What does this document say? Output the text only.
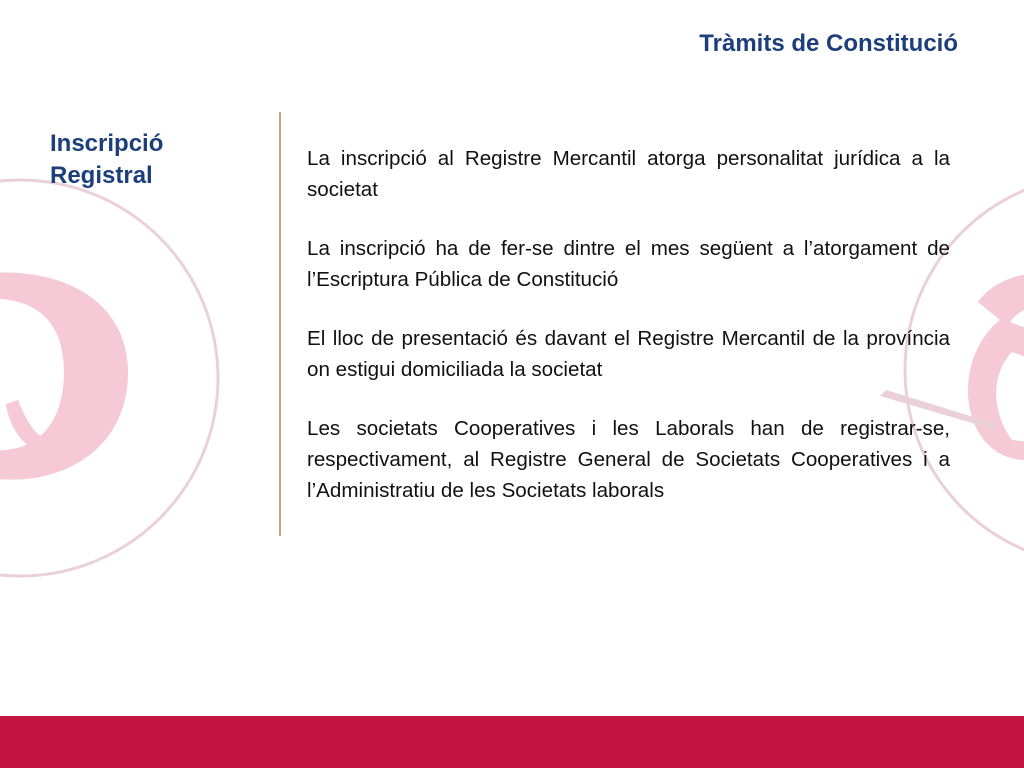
Tràmits de Constitució
Inscripció Registral

La inscripció al Registre Mercantil atorga personalitat jurídica a la societat

La inscripció ha de fer-se dintre el mes següent a l’atorgament de l’Escriptura Pública de Constitució

El lloc de presentació és davant el Registre Mercantil de la província on estigui domiciliada la societat

Les societats Cooperatives i les Laborals han de registrar-se, respectivament, al Registre General de Societats Cooperatives i a l’Administratiu de les Societats laborals
